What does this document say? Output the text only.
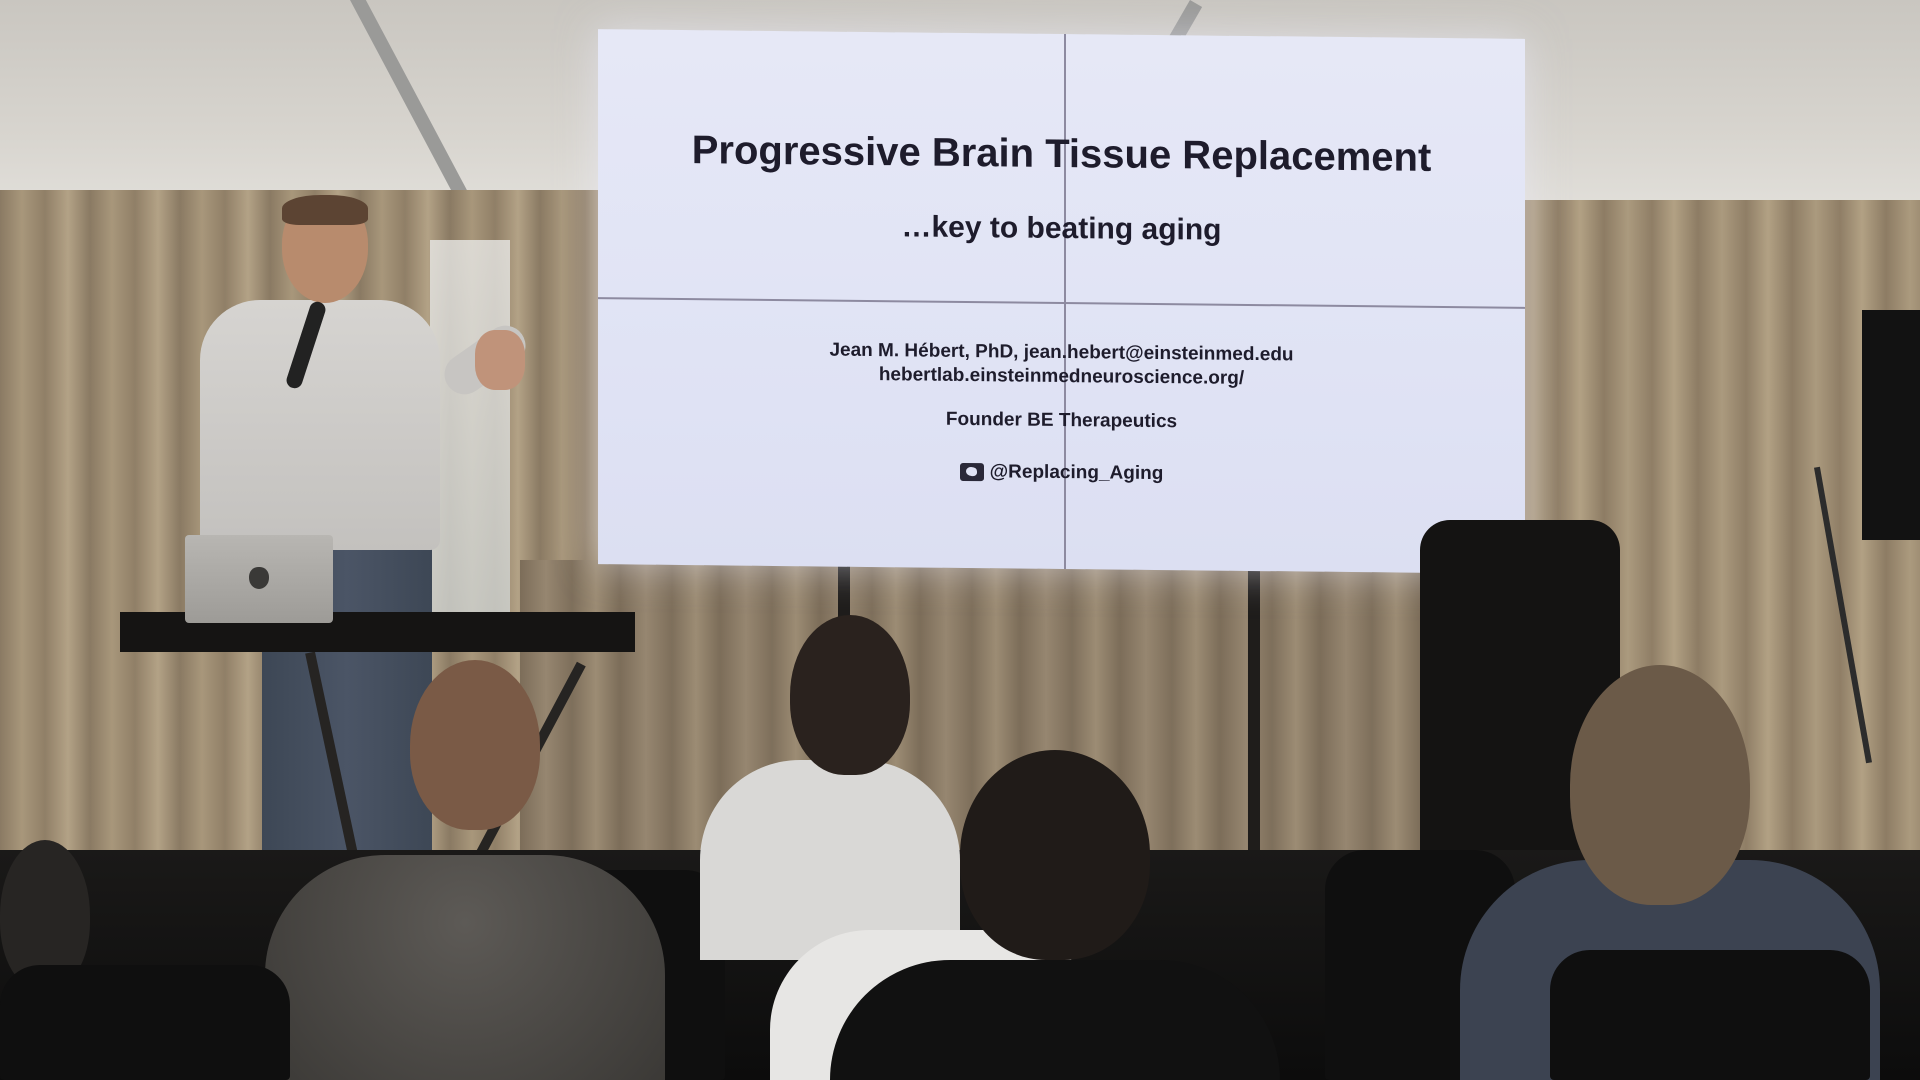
Progressive Brain Tissue Replacement
…key to beating aging
Jean M. Hébert, PhD, jean.hebert@einsteinmed.edu
hebertlab.einsteinmedneuroscience.org/
Founder BE Therapeutics
@Replacing_Aging
